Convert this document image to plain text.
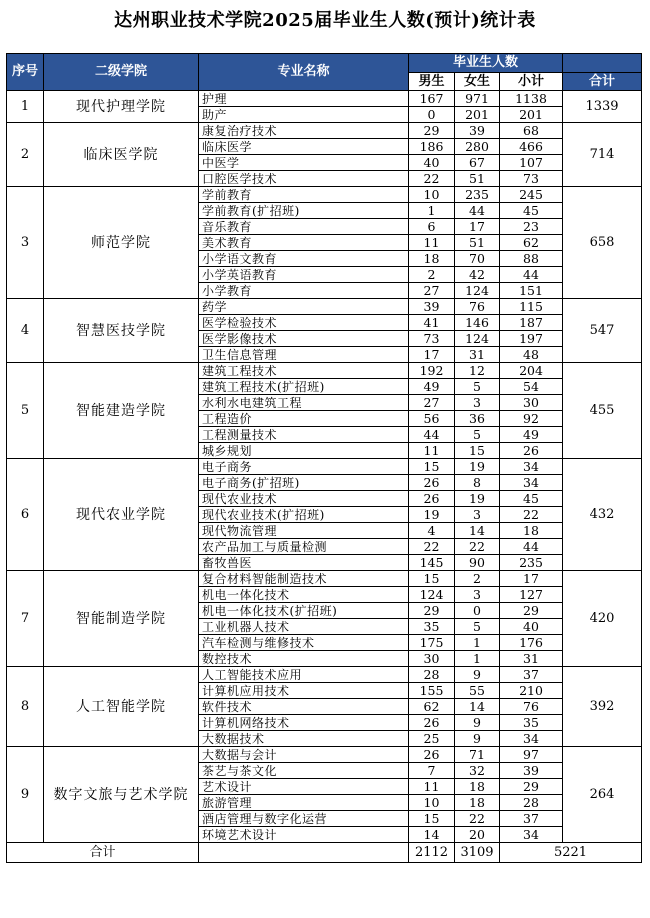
达州职业技术学院2025届毕业生人数(预计)统计表
序号	二级学院	专业名称	毕业生人数			
			男生	女生	小计	合计
1	现代护理学院	护理	167	971	1138	1339
		助产	0	201	201	
2	临床医学院	康复治疗技术	29	39	68	714
		临床医学	186	280	466	
		中医学	40	67	107	
		口腔医学技术	22	51	73	
3	师范学院	学前教育	10	235	245	658
		学前教育(扩招班)	1	44	45	
		音乐教育	6	17	23	
		美术教育	11	51	62	
		小学语文教育	18	70	88	
		小学英语教育	2	42	44	
		小学教育	27	124	151	
4	智慧医技学院	药学	39	76	115	547
		医学检验技术	41	146	187	
		医学影像技术	73	124	197	
		卫生信息管理	17	31	48	
5	智能建造学院	建筑工程技术	192	12	204	455
		建筑工程技术(扩招班)	49	5	54	
		水利水电建筑工程	27	3	30	
		工程造价	56	36	92	
		工程测量技术	44	5	49	
		城乡规划	11	15	26	
6	现代农业学院	电子商务	15	19	34	432
		电子商务(扩招班)	26	8	34	
		现代农业技术	26	19	45	
		现代农业技术(扩招班)	19	3	22	
		现代物流管理	4	14	18	
		农产品加工与质量检测	22	22	44	
		畜牧兽医	145	90	235	
7	智能制造学院	复合材料智能制造技术	15	2	17	420
		机电一体化技术	124	3	127	
		机电一体化技术(扩招班)	29	0	29	
		工业机器人技术	35	5	40	
		汽车检测与维修技术	175	1	176	
		数控技术	30	1	31	
8	人工智能学院	人工智能技术应用	28	9	37	392
		计算机应用技术	155	55	210	
		软件技术	62	14	76	
		计算机网络技术	26	9	35	
		大数据技术	25	9	34	
9	数字文旅与艺术学院	大数据与会计	26	71	97	264
		茶艺与茶文化	7	32	39	
		艺术设计	11	18	29	
		旅游管理	10	18	28	
		酒店管理与数字化运营	15	22	37	
		环境艺术设计	14	20	34	
合计			2112	3109	5221	
